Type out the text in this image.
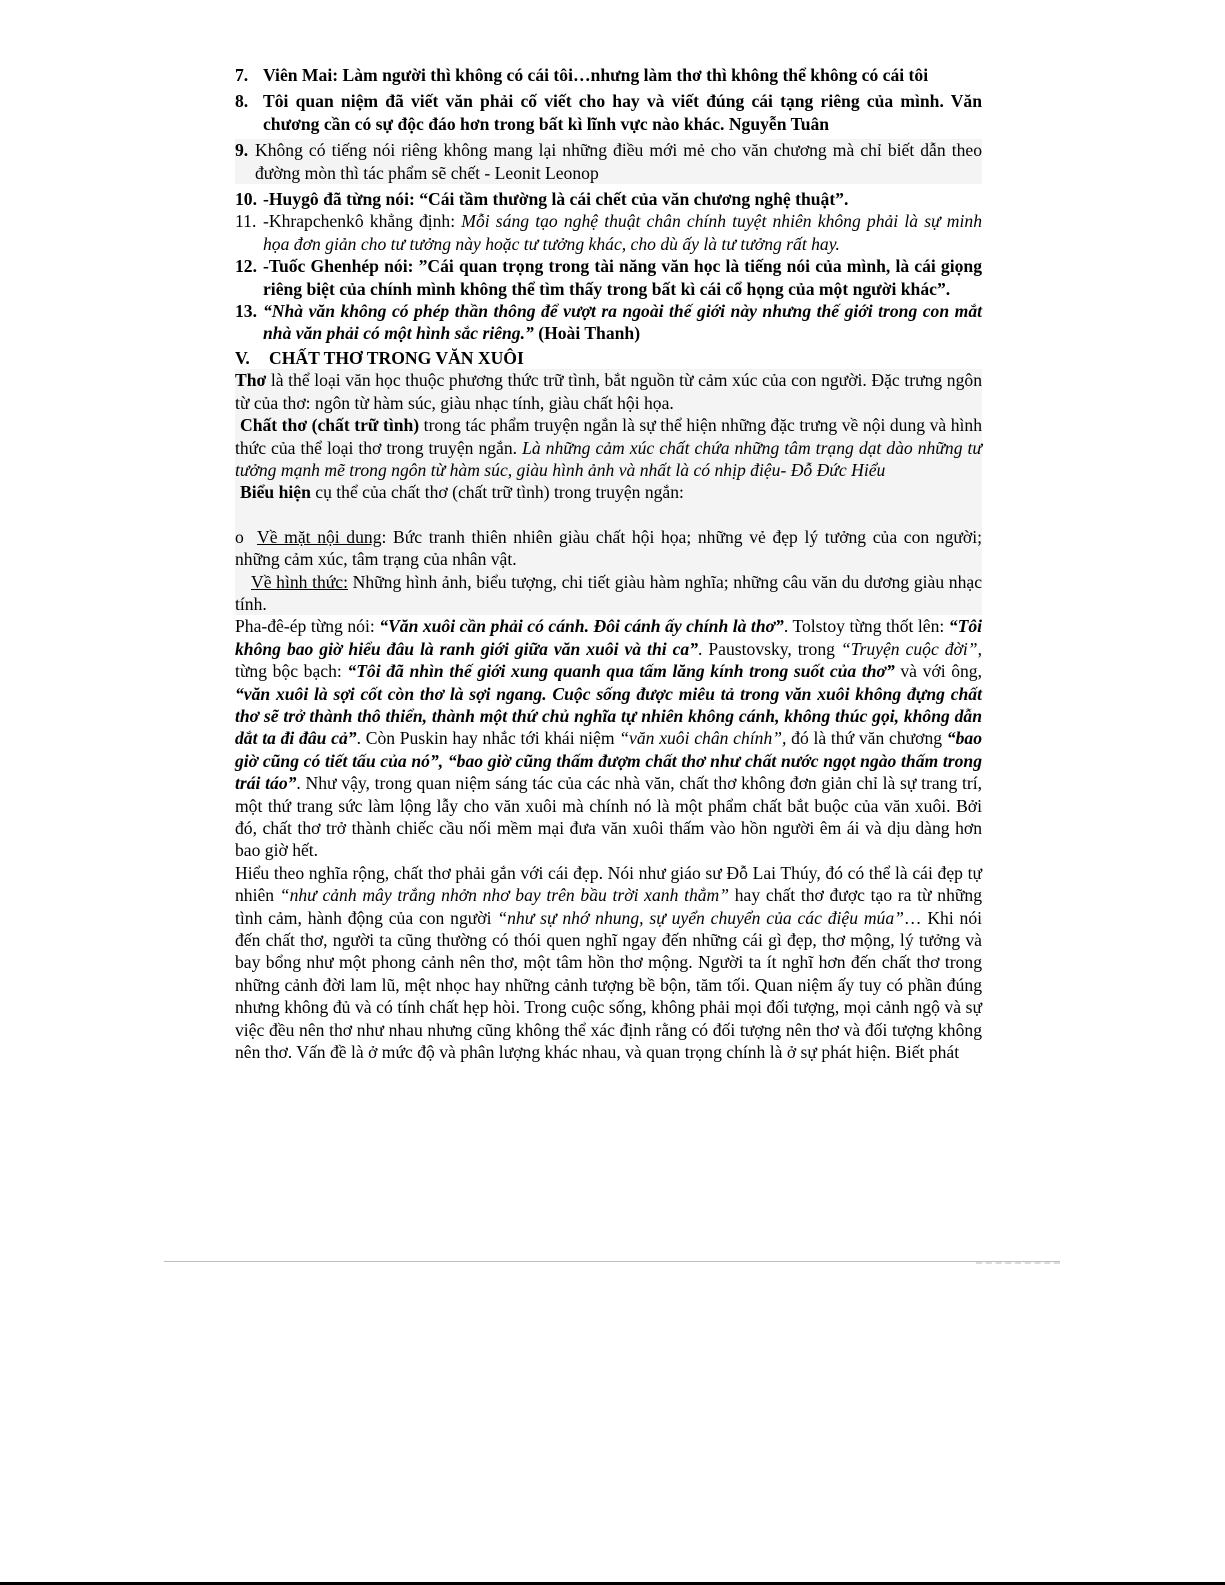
7. Viên Mai: Làm người thì không có cái tôi…nhưng làm thơ thì không thể không có cái tôi
8. Tôi quan niệm đã viết văn phải cố viết cho hay và viết đúng cái tạng riêng của mình. Văn chương cần có sự độc đáo hơn trong bất kì lĩnh vực nào khác. Nguyễn Tuân
9. Không có tiếng nói riêng không mang lại những điều mới mẻ cho văn chương mà chỉ biết dẫn theo đường mòn thì tác phẩm sẽ chết - Leonit Leonop
10. -Huygô đã từng nói: “Cái tầm thường là cái chết của văn chương nghệ thuật”.
11. -Khrapchenkô khẳng định: Mỗi sáng tạo nghệ thuật chân chính tuyệt nhiên không phải là sự minh họa đơn giản cho tư tưởng này hoặc tư tưởng khác, cho dù ấy là tư tưởng rất hay.
12. -Tuốc Ghenhép nói: ”Cái quan trọng trong tài năng văn học là tiếng nói của mình, là cái giọng riêng biệt của chính mình không thể tìm thấy trong bất kì cái cổ họng của một người khác”.
13. “Nhà văn không có phép thần thông để vượt ra ngoài thế giới này nhưng thế giới trong con mắt nhà văn phải có một hình sắc riêng.” (Hoài Thanh)
V. CHẤT THƠ TRONG VĂN XUÔI

Thơ là thể loại văn học thuộc phương thức trữ tình, bắt nguồn từ cảm xúc của con người. Đặc trưng ngôn từ của thơ: ngôn từ hàm súc, giàu nhạc tính, giàu chất hội họa.

Chất thơ (chất trữ tình) trong tác phẩm truyện ngắn là sự thể hiện những đặc trưng về nội dung và hình thức của thể loại thơ trong truyện ngắn. Là những cảm xúc chất chứa những tâm trạng dạt dào những tư tưởng mạnh mẽ trong ngôn từ hàm súc, giàu hình ảnh và nhất là có nhịp điệu- Đỗ Đức Hiểu

Biểu hiện cụ thể của chất thơ (chất trữ tình) trong truyện ngắn:

o Về mặt nội dung: Bức tranh thiên nhiên giàu chất hội họa; những vẻ đẹp lý tưởng của con người; những cảm xúc, tâm trạng của nhân vật.

Về hình thức: Những hình ảnh, biểu tượng, chi tiết giàu hàm nghĩa; những câu văn du dương giàu nhạc tính.

Pha-đê-ép từng nói: “Văn xuôi cần phải có cánh. Đôi cánh ấy chính là thơ”. Tolstoy từng thốt lên: “Tôi không bao giờ hiểu đâu là ranh giới giữa văn xuôi và thi ca”. Paustovsky, trong “Truyện cuộc đời”, từng bộc bạch: “Tôi đã nhìn thế giới xung quanh qua tấm lăng kính trong suốt của thơ” và với ông, “văn xuôi là sợi cốt còn thơ là sợi ngang. Cuộc sống được miêu tả trong văn xuôi không đựng chất thơ sẽ trở thành thô thiển, thành một thứ chủ nghĩa tự nhiên không cánh, không thúc gọi, không dẫn dắt ta đi đâu cả”. Còn Puskin hay nhắc tới khái niệm “văn xuôi chân chính”, đó là thứ văn chương “bao giờ cũng có tiết tấu của nó”, “bao giờ cũng thấm đượm chất thơ như chất nước ngọt ngào thấm trong trái táo”. Như vậy, trong quan niệm sáng tác của các nhà văn, chất thơ không đơn giản chỉ là sự trang trí, một thứ trang sức làm lộng lẫy cho văn xuôi mà chính nó là một phẩm chất bắt buộc của văn xuôi. Bởi đó, chất thơ trở thành chiếc cầu nối mềm mại đưa văn xuôi thấm vào hồn người êm ái và dịu dàng hơn bao giờ hết.

Hiểu theo nghĩa rộng, chất thơ phải gắn với cái đẹp. Nói như giáo sư Đỗ Lai Thúy, đó có thể là cái đẹp tự nhiên “như cảnh mây trắng nhởn nhơ bay trên bầu trời xanh thẳm” hay chất thơ được tạo ra từ những tình cảm, hành động của con người “như sự nhớ nhung, sự uyển chuyển của các điệu múa”… Khi nói đến chất thơ, người ta cũng thường có thói quen nghĩ ngay đến những cái gì đẹp, thơ mộng, lý tưởng và bay bổng như một phong cảnh nên thơ, một tâm hồn thơ mộng. Người ta ít nghĩ hơn đến chất thơ trong những cảnh đời lam lũ, mệt nhọc hay những cảnh tượng bề bộn, tăm tối. Quan niệm ấy tuy có phần đúng nhưng không đủ và có tính chất hẹp hòi. Trong cuộc sống, không phải mọi đối tượng, mọi cảnh ngộ và sự việc đều nên thơ như nhau nhưng cũng không thể xác định rằng có đối tượng nên thơ và đối tượng không nên thơ. Vấn đề là ở mức độ và phân lượng khác nhau, và quan trọng chính là ở sự phát hiện. Biết phát
